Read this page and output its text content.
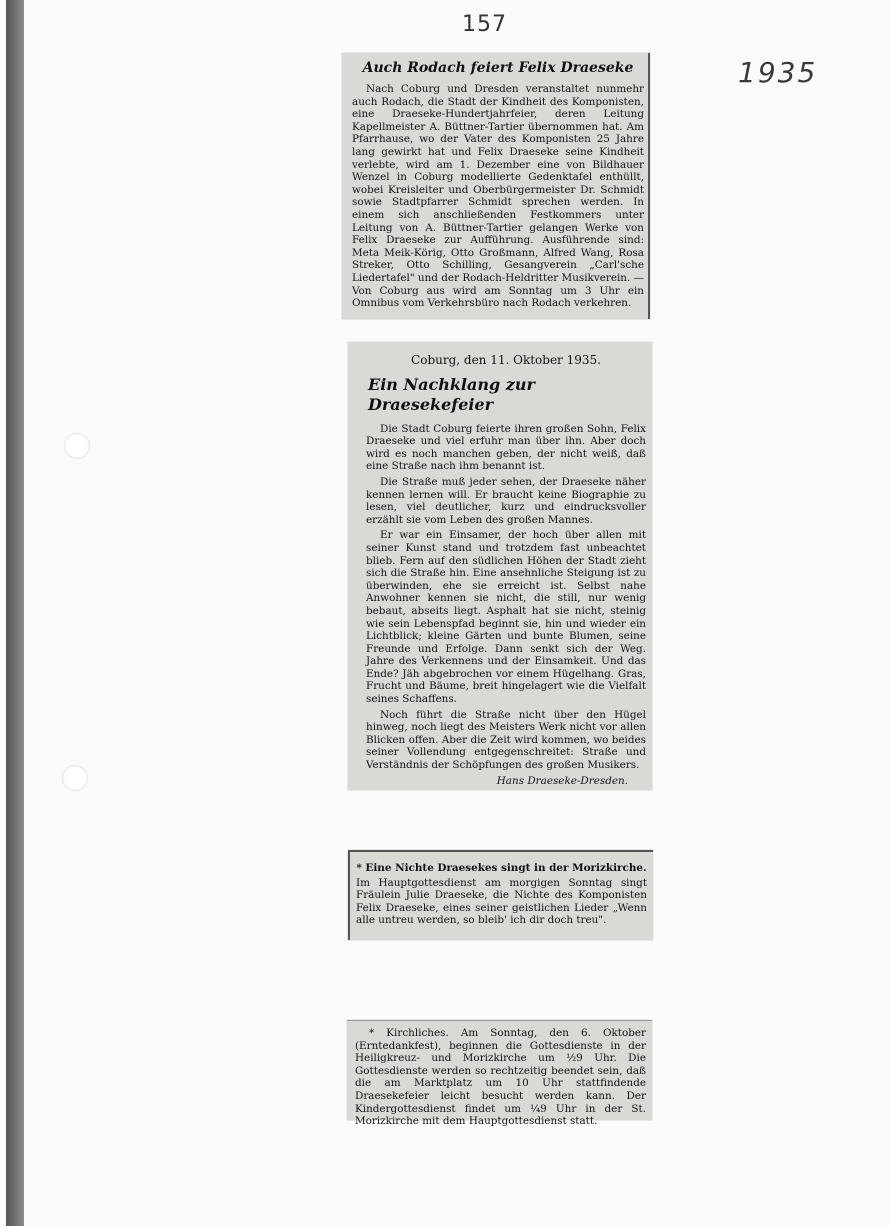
157
1935
Auch Rodach feiert Felix Draeseke

Nach Coburg und Dresden veranstaltet nunmehr auch Rodach, die Stadt der Kindheit des Komponisten, eine Draeseke-Hundertjahrfeier, deren Leitung Kapellmeister A. Büttner-Tartier übernommen hat. Am Pfarrhause, wo der Vater des Komponisten 25 Jahre lang gewirkt hat und Felix Draeseke seine Kindheit verlebte, wird am 1. Dezember eine von Bildhauer Wenzel in Coburg modellierte Gedenktafel enthüllt, wobei Kreisleiter und Oberbürgermeister Dr. Schmidt sowie Stadtpfarrer Schmidt sprechen werden. In einem sich anschließenden Festkommers unter Leitung von A. Büttner-Tartier gelangen Werke von Felix Draeseke zur Aufführung. Ausführende sind: Meta Meik-Körig, Otto Großmann, Alfred Wang, Rosa Streker, Otto Schilling, Gesangverein „Carl'sche Liedertafel" und der Rodach-Heldritter Musikverein. — Von Coburg aus wird am Sonntag um 3 Uhr ein Omnibus vom Verkehrsbüro nach Rodach verkehren.

Coburg, den 11. Oktober 1935.
Ein Nachklang zur Draesekefeier

Die Stadt Coburg feierte ihren großen Sohn, Felix Draeseke und viel erfuhr man über ihn. Aber doch wird es noch manchen geben, der nicht weiß, daß eine Straße nach ihm benannt ist.

Die Straße muß jeder sehen, der Draeseke näher kennen lernen will. Er braucht keine Biographie zu lesen, viel deutlicher, kurz und eindrucksvoller erzählt sie vom Leben des großen Mannes.

Er war ein Einsamer, der hoch über allen mit seiner Kunst stand und trotzdem fast unbeachtet blieb. Fern auf den südlichen Höhen der Stadt zieht sich die Straße hin. Eine ansehnliche Steigung ist zu überwinden, ehe sie erreicht ist. Selbst nahe Anwohner kennen sie nicht, die still, nur wenig bebaut, abseits liegt. Asphalt hat sie nicht, steinig wie sein Lebenspfad beginnt sie, hin und wieder ein Lichtblick; kleine Gärten und bunte Blumen, seine Freunde und Erfolge. Dann senkt sich der Weg. Jahre des Verkennens und der Einsamkeit. Und das Ende? Jäh abgebrochen vor einem Hügelhang. Gras, Frucht und Bäume, breit hingelagert wie die Vielfalt seines Schaffens.

Noch führt die Straße nicht über den Hügel hinweg, noch liegt des Meisters Werk nicht vor allen Blicken offen. Aber die Zeit wird kommen, wo beides seiner Vollendung entgegenschreitet: Straße und Verständnis der Schöpfungen des großen Musikers.

Hans Draeseke-Dresden.

* Eine Nichte Draesekes singt in der Morizkirche.

Im Hauptgottesdienst am morgigen Sonntag singt Fräulein Julie Draeseke, die Nichte des Komponisten Felix Draeseke, eines seiner geistlichen Lieder „Wenn alle untreu werden, so bleib' ich dir doch treu".

* Kirchliches. Am Sonntag, den 6. Oktober (Erntedankfest), beginnen die Gottesdienste in der Heiligkreuz- und Morizkirche um ½9 Uhr. Die Gottesdienste werden so rechtzeitig beendet sein, daß die am Marktplatz um 10 Uhr stattfindende Draesekefeier leicht besucht werden kann. Der Kindergottesdienst findet um ¼9 Uhr in der St. Morizkirche mit dem Hauptgottesdienst statt.
